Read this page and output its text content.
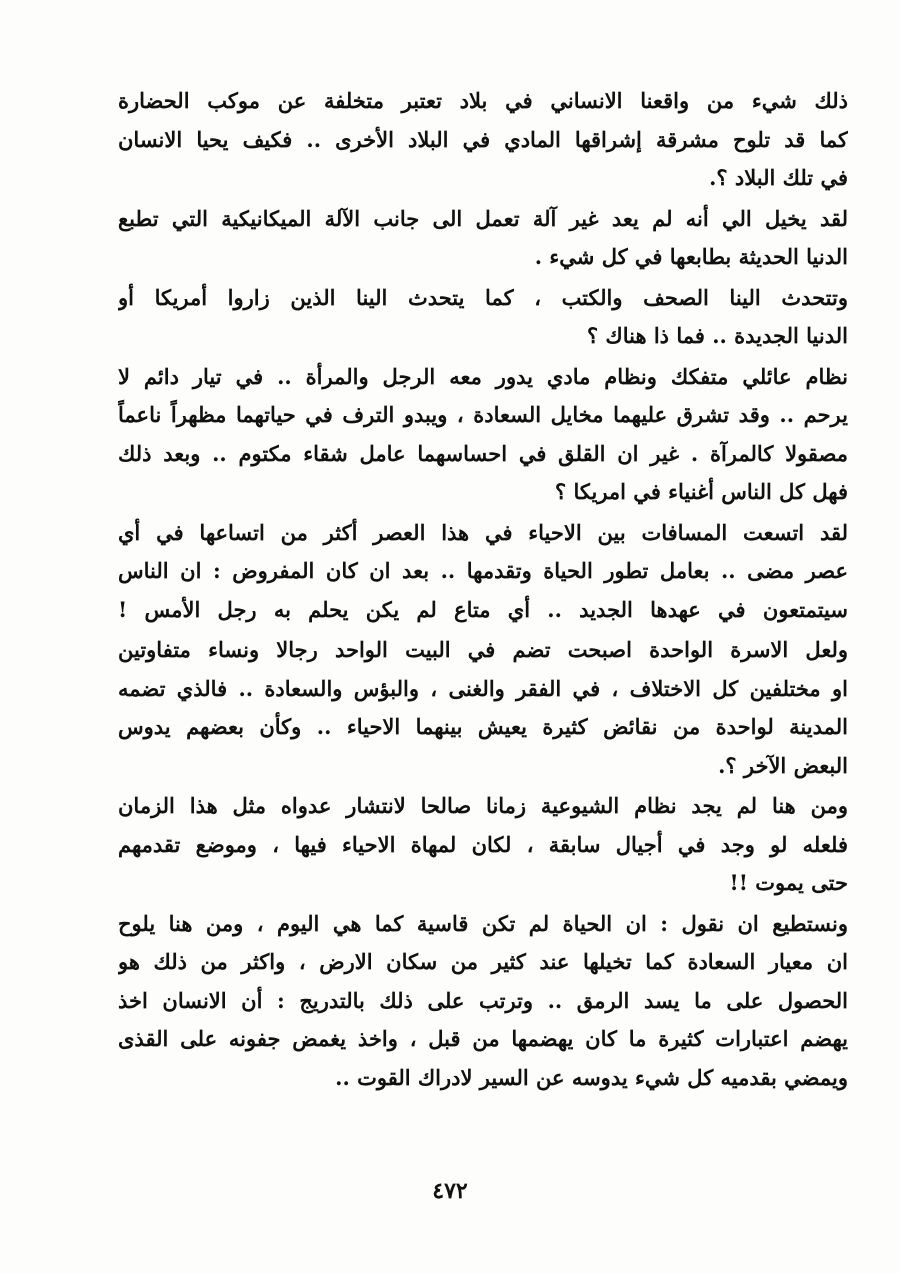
ذلك شيء من واقعنا الانساني في بلاد تعتبر متخلفة عن موكب الحضارة
كما قد تلوح مشرقة إشراقها المادي في البلاد الأخرى .. فكيف يحيا الانسان
في تلك البلاد ؟.
لقد يخيل الي أنه لم يعد غير آلة تعمل الى جانب الآلة الميكانيكية التي تطبع
الدنيا الحديثة بطابعها في كل شيء .
وتتحدث الينا الصحف والكتب ، كما يتحدث الينا الذين زاروا أمريكا أو
الدنيا الجديدة .. فما ذا هناك ؟
نظام عائلي متفكك ونظام مادي يدور معه الرجل والمرأة .. في تيار دائم لا
يرحم .. وقد تشرق عليهما مخايل السعادة ، ويبدو الترف في حياتهما مظهراً ناعماً
مصقولا كالمرآة . غير ان القلق في احساسهما عامل شقاء مكتوم .. وبعد ذلك
فهل كل الناس أغنياء في امريكا ؟
لقد اتسعت المسافات بين الاحياء في هذا العصر أكثر من اتساعها في أي
عصر مضى .. بعامل تطور الحياة وتقدمها .. بعد ان كان المفروض : ان الناس
سيتمتعون في عهدها الجديد .. أي متاع لم يكن يحلم به رجل الأمس !
ولعل الاسرة الواحدة اصبحت تضم في البيت الواحد رجالا ونساء متفاوتين
او مختلفين كل الاختلاف ، في الفقر والغنى ، والبؤس والسعادة .. فالذي تضمه
المدينة لواحدة من نقائض كثيرة يعيش بينهما الاحياء .. وكأن بعضهم يدوس
البعض الآخر ؟.
ومن هنا لم يجد نظام الشيوعية زمانا صالحا لانتشار عدواه مثل هذا الزمان
فلعله لو وجد في أجيال سابقة ، لكان لمهاة الاحياء فيها ، وموضع تقدمهم
حتى يموت !!
ونستطيع ان نقول : ان الحياة لم تكن قاسية كما هي اليوم ، ومن هنا يلوح
ان معيار السعادة كما تخيلها عند كثير من سكان الارض ، واكثر من ذلك هو
الحصول على ما يسد الرمق .. وترتب على ذلك بالتدريج : أن الانسان اخذ
يهضم اعتبارات كثيرة ما كان يهضمها من قبل ، واخذ يغمض جفونه على القذى
ويمضي بقدميه كل شيء يدوسه عن السير لادراك القوت ..
٤٧٢
